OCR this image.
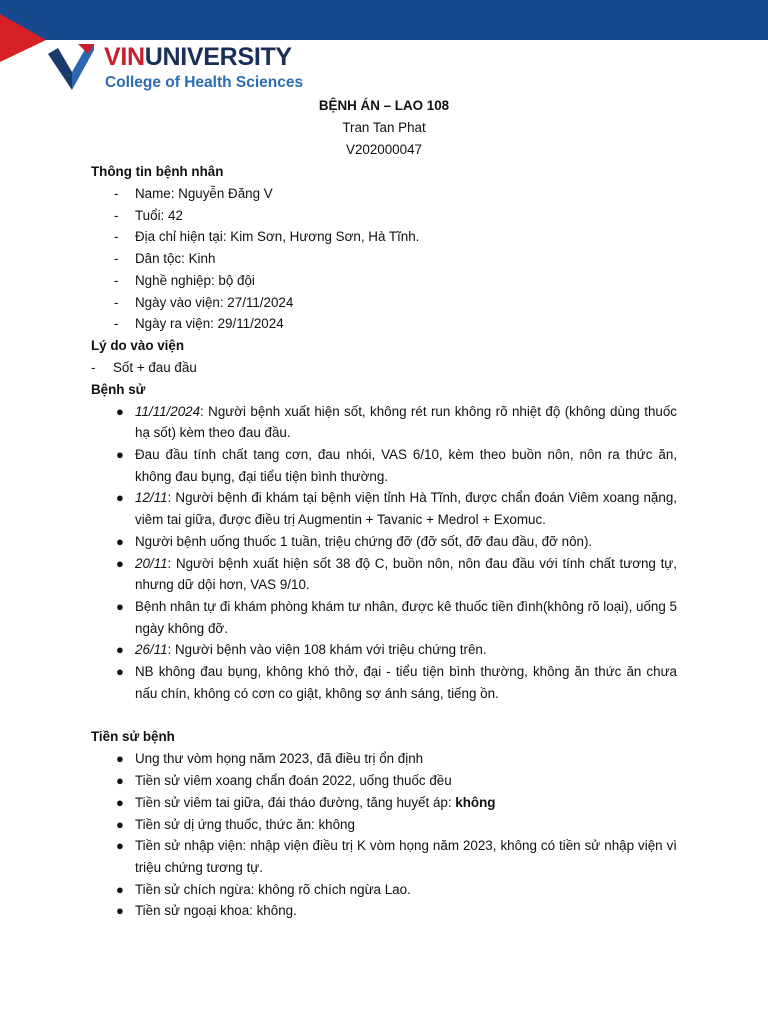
VINUNIVERSITY
College of Health Sciences
BỆNH ÁN – LAO 108
Tran Tan Phat
V202000047
Thông tin bệnh nhân
- Name: Nguyễn Đăng V
- Tuổi: 42
- Địa chỉ hiện tại: Kim Sơn, Hương Sơn, Hà Tĩnh.
- Dân tộc: Kinh
- Nghề nghiệp: bộ đội
- Ngày vào viện: 27/11/2024
- Ngày ra viện: 29/11/2024
Lý do vào viện
- Sốt + đau đầu
Bệnh sử
● 11/11/2024: Người bệnh xuất hiện sốt, không rét run không rõ nhiệt độ (không dùng thuốc hạ sốt) kèm theo đau đầu.
● Đau đầu tính chất tang cơn, đau nhói, VAS 6/10, kèm theo buồn nôn, nôn ra thức ăn, không đau bụng, đại tiểu tiện bình thường.
● 12/11: Người bệnh đi khám tại bệnh viện tỉnh Hà Tĩnh, được chẩn đoán Viêm xoang nặng, viêm tai giữa, được điều trị Augmentin + Tavanic + Medrol + Exomuc.
● Người bệnh uống thuốc 1 tuần, triệu chứng đỡ (đỡ sốt, đỡ đau đầu, đỡ nôn).
● 20/11: Người bệnh xuất hiện sốt 38 độ C, buồn nôn, nôn đau đầu với tính chất tương tự, nhưng dữ dội hơn, VAS 9/10.
● Bệnh nhân tự đi khám phòng khám tư nhân, được kê thuốc tiền đình(không rõ loại), uống 5 ngày không đỡ.
● 26/11: Người bệnh vào viện 108 khám với triệu chứng trên.
● NB không đau bụng, không khó thở, đại - tiểu tiện bình thường, không ăn thức ăn chưa nấu chín, không có cơn co giật, không sợ ánh sáng, tiếng ồn.
Tiền sử bệnh
● Ung thư vòm họng năm 2023, đã điều trị ổn định
● Tiền sử viêm xoang chẩn đoán 2022, uống thuốc đều
● Tiền sử viêm tai giữa, đái tháo đường, tăng huyết áp: không
● Tiền sử dị ứng thuốc, thức ăn: không
● Tiền sử nhập viện: nhập viện điều trị K vòm họng năm 2023, không có tiền sử nhập viện vì triệu chứng tương tự.
● Tiền sử chích ngừa: không rõ chích ngừa Lao.
● Tiền sử ngoại khoa: không.
